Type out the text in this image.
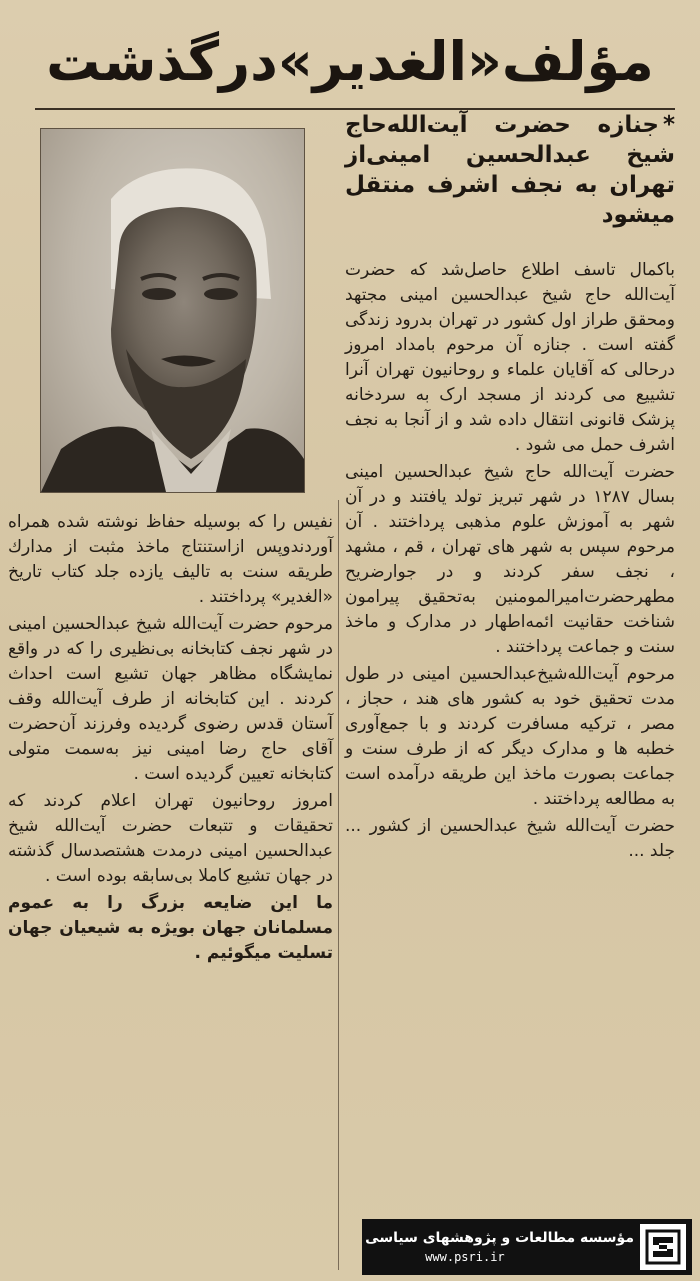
مؤلف«الغدیر»درگذشت
*جنازه حضرت آیت‌الله‌حاج شیخ عبدالحسین امینی‌از تهران به نجف اشرف منتقل میشود

باکمال تاسف اطلاع حاصل‌شد که حضرت آیت‌الله حاج شیخ عبدالحسین امینی مجتهد ومحقق طراز اول کشور در تهران بدرود زندگی گفته است . جنازه آن مرحوم بامداد امروز درحالی که آقایان علماء و روحانیون تهران آنرا تشییع می کردند از مسجد ارک به سردخانه پزشک قانونی انتقال داده شد و از آنجا به نجف اشرف حمل می شود .

حضرت آیت‌الله حاج شیخ عبدالحسین امینی بسال ۱۲۸۷ در شهر تبریز تولد یافتند و در آن شهر به آموزش علوم مذهبی پرداختند . آن مرحوم سپس به شهر های تهران ، قم ، مشهد ، نجف سفر کردند و در جوارضریح مطهرحضرت‌امیرالمومنین به‌تحقیق پیرامون شناخت حقانیت ائمه‌اطهار در مدارک و ماخذ سنت و جماعت پرداختند .

مرحوم آیت‌الله‌شیخ‌عبدالحسین امینی در طول مدت تحقیق خود به کشور های هند ، حجاز ، مصر ، ترکیه مسافرت کردند و با جمع‌آوری خطبه ها و مدارک دیگر که از طرف سنت و جماعت بصورت ماخذ این طریقه درآمده است به مطالعه پرداختند .

حضرت آیت‌الله شیخ عبدالحسین از کشور ... جلد ...

نفیس را که بوسیله حفاظ نوشته شده همراه آوردندوپس ازاستنتاج ماخذ مثبت از مدارك طریقه سنت به تالیف یازده جلد کتاب تاریخ «الغدیر» پرداختند .

مرحوم حضرت آیت‌الله شیخ عبدالحسین امینی در شهر نجف کتابخانه بی‌نظیری را که در واقع نمایشگاه مظاهر جهان تشیع است احداث کردند . این کتابخانه از طرف آیت‌الله وقف آستان قدس رضوی گردیده وفرزند آن‌حضرت آقای حاج رضا امینی نیز به‌سمت متولی کتابخانه تعیین گردیده است .

امروز روحانیون تهران اعلام کردند که تحقیقات و تتبعات حضرت آیت‌الله شیخ عبدالحسین امینی درمدت هشتصدسال گذشته در جهان تشیع کاملا بی‌سابقه بوده است .

ما این ضایعه بزرگ را به عموم مسلمانان جهان بویژه به شیعیان جهان تسلیت میگوئیم .

مؤسسه مطالعات و پژوهشهای سیاسی
www.psri.ir
